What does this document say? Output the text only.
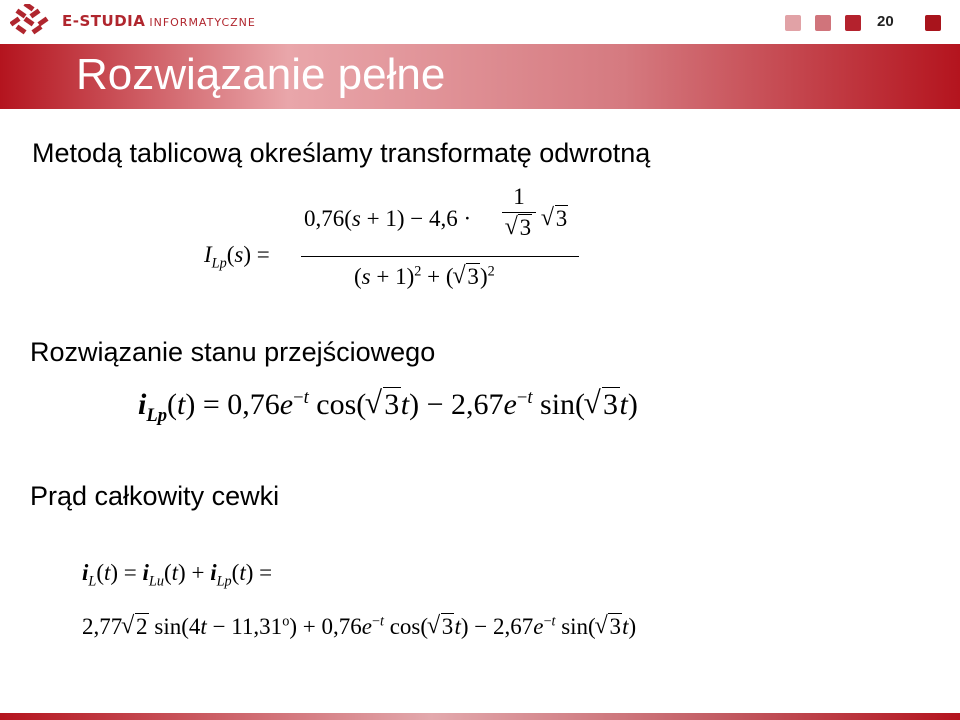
E-STUDIA INFORMATYCZNE	20
Rozwiązanie pełne
Metodą tablicową określamy transformatę odwrotną
$I_{Lp}(s)$ =
0,76(s + 1) − 4,6 ·
1
√ 3	√ 3
$(s + 1)^2$ + ( √ 3)$^2$
Rozwiązanie stanu przejściowego
$i_{Lp}(t) = 0,76e^{-t}$ cos( √ $3t) - 2,67e^{-t}$ sin( √ 3t)
Prąd całkowity cewki
$i_L(t) = i_{Lu}(t) + i_{Lp}(t)$ =
2,77 √ 2 $\sin(4t - 11,31^o) + 0,76e^{-t}$ cos( √ $3t) - 2,67e^{-t}$ sin( √ 3t)
